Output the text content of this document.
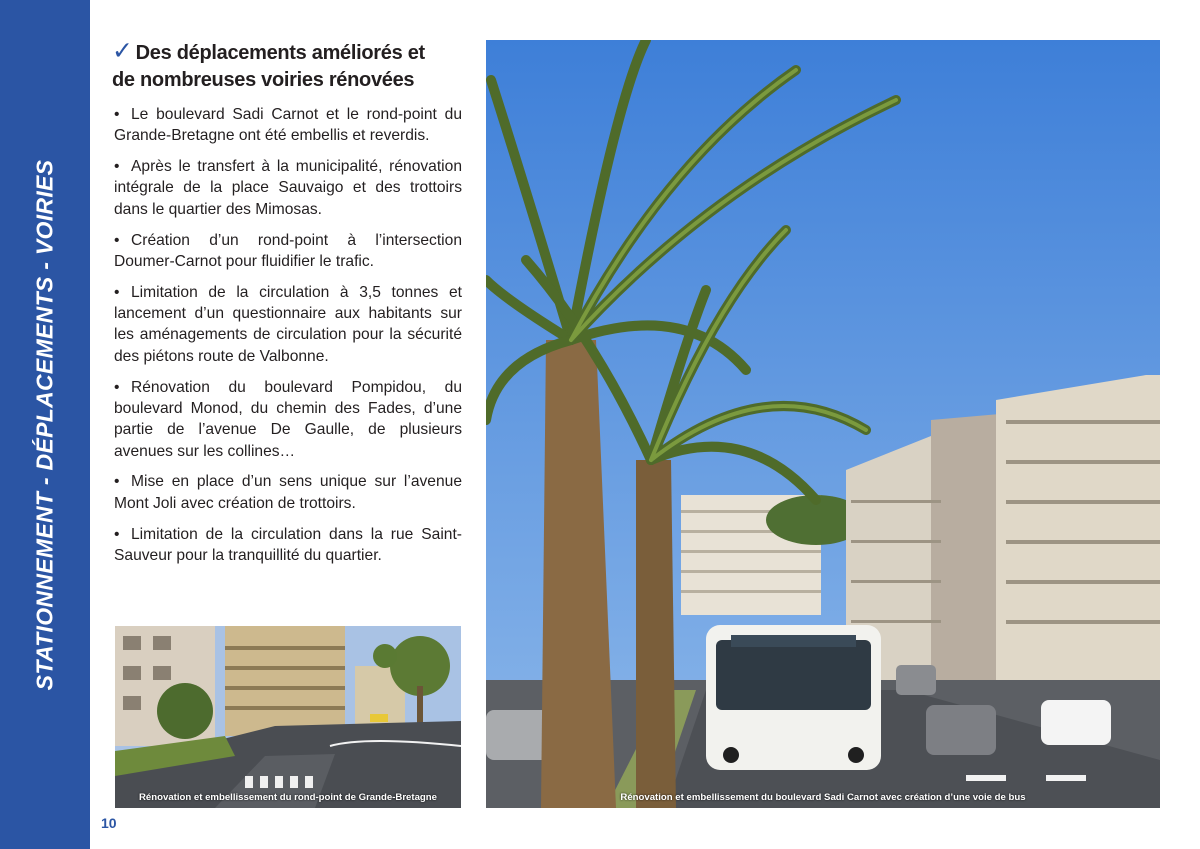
STATIONNEMENT - DÉPLACEMENTS - VOIRIES
✓ Des déplacements améliorés et
de nombreuses voiries rénovées
• Le boulevard Sadi Carnot et le rond-point du Grande-Bretagne ont été embellis et reverdis.
• Après le transfert à la municipalité, rénovation intégrale de la place Sauvaigo et des trottoirs dans le quartier des Mimosas.
• Création d’un rond-point à l’intersection Doumer-Carnot pour fluidifier le trafic.
• Limitation de la circulation à 3,5 tonnes et lancement d’un questionnaire aux habitants sur les aménagements de circulation pour la sécurité des piétons route de Valbonne.
• Rénovation du boulevard Pompidou, du boulevard Monod, du chemin des Fades, d’une partie de l’avenue De Gaulle, de plusieurs avenues sur les collines…
• Mise en place d’un sens unique sur l’avenue Mont Joli avec création de trottoirs.
• Limitation de la circulation dans la rue Saint-Sauveur pour la tranquillité du quartier.
Rénovation et embellissement du rond-point de Grande-Bretagne	Rénovation et embellissement du boulevard Sadi Carnot avec création d’une voie de bus
10
